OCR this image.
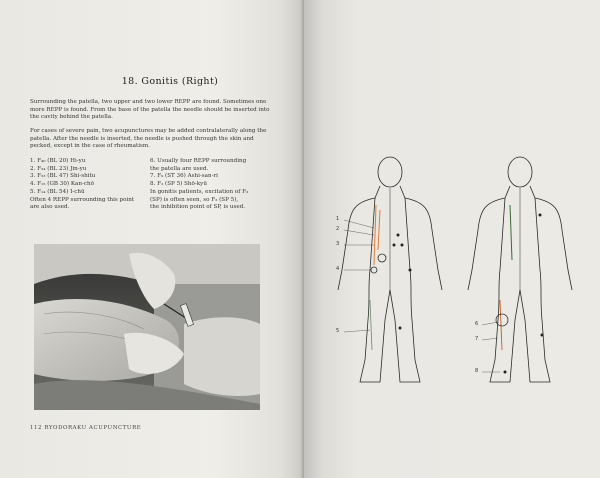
18. Gonitis (Right)

Surrounding the patella, two upper and two lower REPP are found. Sometimes one more REPP is found. From the base of the patella the needle should be inserted into the cavity behind the patella.

For cases of severe pain, two acupunctures may be added contralaterally along the patella. After the needle is inserted, the needle is pushed through the skin and pecked, except in the case of rheumatism.

1. F₄₀ (BL 20) Hi-yu
2. F₃₄ (BL 23) Jin-yu
3. F₃₃ (BL 47) Shi-shitu
4. F₁₅ (GB 30) Kan-chō
5. F₁₄ (BL 54) I-chū
Often 4 REPP surrounding this point
are also used.
6. Usually four REPP surrounding
the patella are used.
7. F₉ (ST 36) Ashi-san-ri
8. F₃ (SP 5) Shō-kyū
In gonitis patients, excitation of F₃
(SP) is often seen, so F₃ (SP 5),
the inhibition point of SP, is used.
112 RYODORAKU ACUPUNCTURE
1
2
3
4
5
6
7
8
